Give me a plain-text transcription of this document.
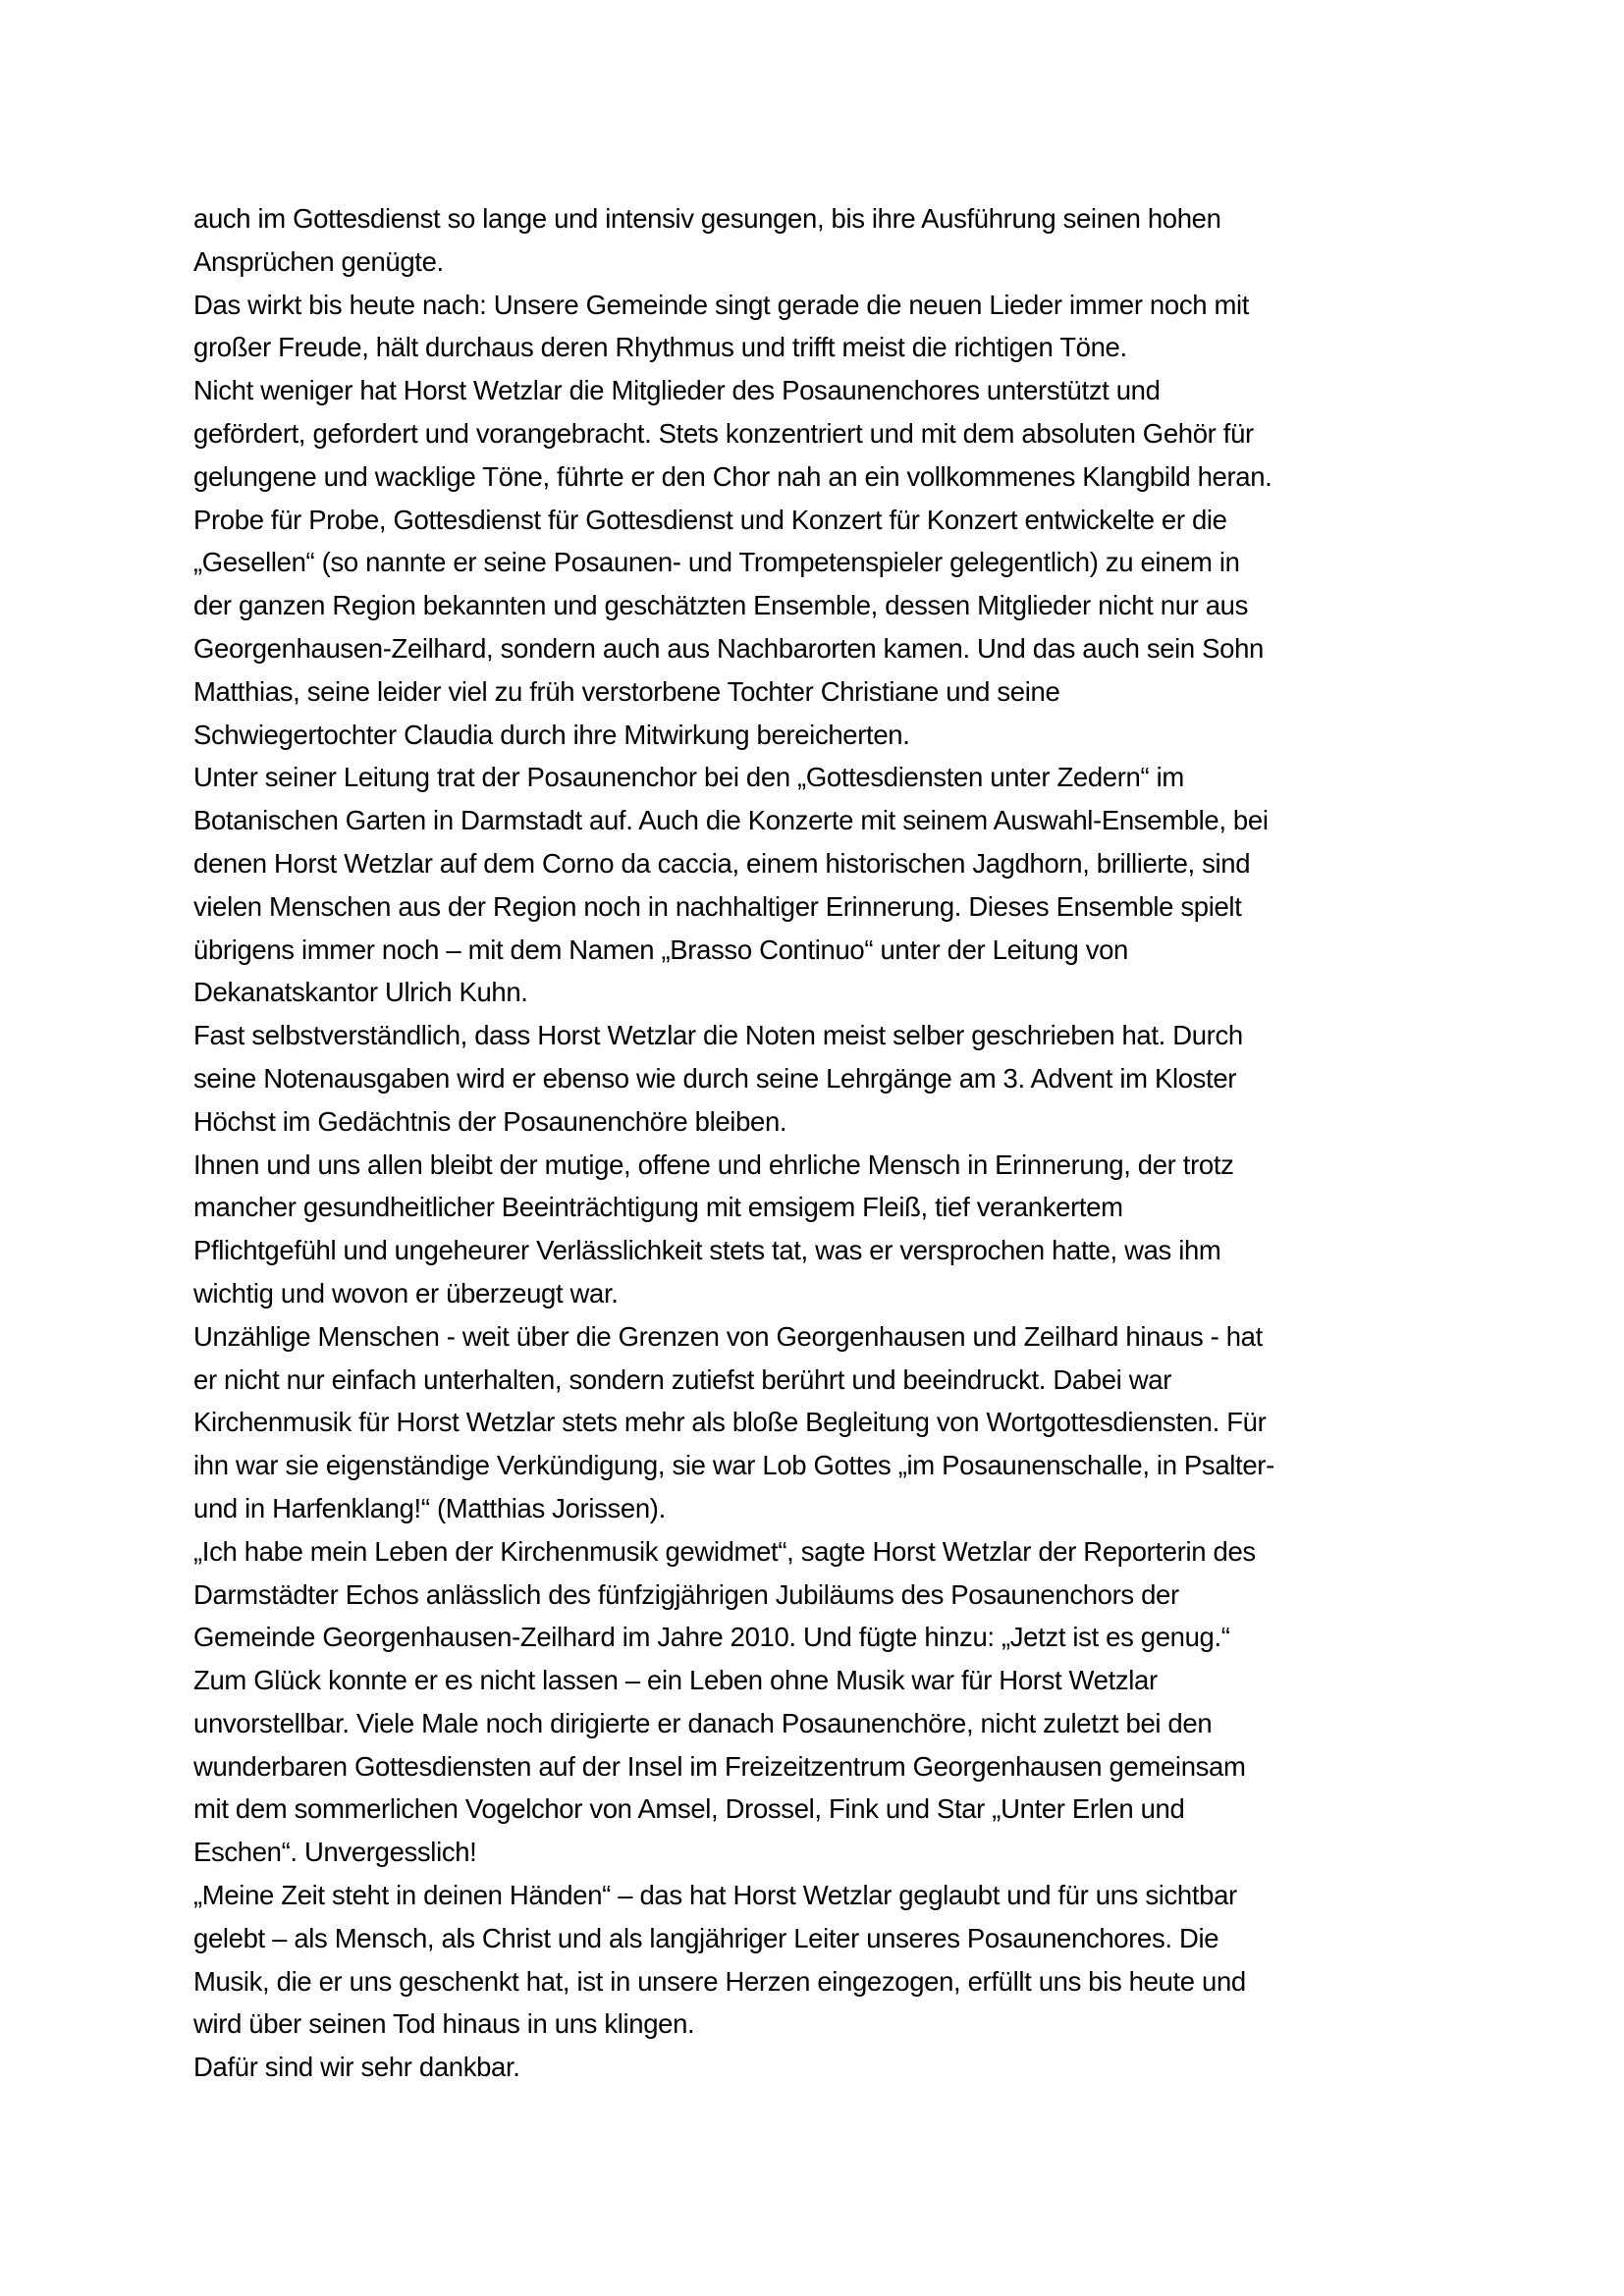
auch im Gottesdienst so lange und intensiv gesungen, bis ihre Ausführung seinen hohen
Ansprüchen genügte.
Das wirkt bis heute nach: Unsere Gemeinde singt gerade die neuen Lieder immer noch mit
großer Freude, hält durchaus deren Rhythmus und trifft meist die richtigen Töne.
Nicht weniger hat Horst Wetzlar die Mitglieder des Posaunenchores unterstützt und
gefördert, gefordert und vorangebracht. Stets konzentriert und mit dem absoluten Gehör für
gelungene und wacklige Töne, führte er den Chor nah an ein vollkommenes Klangbild heran.
Probe für Probe, Gottesdienst für Gottesdienst und Konzert für Konzert entwickelte er die
„Gesellen“ (so nannte er seine Posaunen- und Trompetenspieler gelegentlich) zu einem in
der ganzen Region bekannten und geschätzten Ensemble, dessen Mitglieder nicht nur aus
Georgenhausen-Zeilhard, sondern auch aus Nachbarorten kamen. Und das auch sein Sohn
Matthias, seine leider viel zu früh verstorbene Tochter Christiane und seine
Schwiegertochter Claudia durch ihre Mitwirkung bereicherten.
Unter seiner Leitung trat der Posaunenchor bei den „Gottesdiensten unter Zedern“ im
Botanischen Garten in Darmstadt auf. Auch die Konzerte mit seinem Auswahl-Ensemble, bei
denen Horst Wetzlar auf dem Corno da caccia, einem historischen Jagdhorn, brillierte, sind
vielen Menschen aus der Region noch in nachhaltiger Erinnerung. Dieses Ensemble spielt
übrigens immer noch – mit dem Namen „Brasso Continuo“ unter der Leitung von
Dekanatskantor Ulrich Kuhn.
Fast selbstverständlich, dass Horst Wetzlar die Noten meist selber geschrieben hat. Durch
seine Notenausgaben wird er ebenso wie durch seine Lehrgänge am 3. Advent im Kloster
Höchst im Gedächtnis der Posaunenchöre bleiben.
Ihnen und uns allen bleibt der mutige, offene und ehrliche Mensch in Erinnerung, der trotz
mancher gesundheitlicher Beeinträchtigung mit emsigem Fleiß, tief verankertem
Pflichtgefühl und ungeheurer Verlässlichkeit stets tat, was er versprochen hatte, was ihm
wichtig und wovon er überzeugt war.
Unzählige Menschen - weit über die Grenzen von Georgenhausen und Zeilhard hinaus - hat
er nicht nur einfach unterhalten, sondern zutiefst berührt und beeindruckt. Dabei war
Kirchenmusik für Horst Wetzlar stets mehr als bloße Begleitung von Wortgottesdiensten. Für
ihn war sie eigenständige Verkündigung, sie war Lob Gottes „im Posaunenschalle, in Psalter-
und in Harfenklang!“ (Matthias Jorissen).
„Ich habe mein Leben der Kirchenmusik gewidmet“, sagte Horst Wetzlar der Reporterin des
Darmstädter Echos anlässlich des fünfzigjährigen Jubiläums des Posaunenchors der
Gemeinde Georgenhausen-Zeilhard im Jahre 2010. Und fügte hinzu: „Jetzt ist es genug.“
Zum Glück konnte er es nicht lassen – ein Leben ohne Musik war für Horst Wetzlar
unvorstellbar. Viele Male noch dirigierte er danach Posaunenchöre, nicht zuletzt bei den
wunderbaren Gottesdiensten auf der Insel im Freizeitzentrum Georgenhausen gemeinsam
mit dem sommerlichen Vogelchor von Amsel, Drossel, Fink und Star „Unter Erlen und
Eschen“. Unvergesslich!
„Meine Zeit steht in deinen Händen“ – das hat Horst Wetzlar geglaubt und für uns sichtbar
gelebt – als Mensch, als Christ und als langjähriger Leiter unseres Posaunenchores. Die
Musik, die er uns geschenkt hat, ist in unsere Herzen eingezogen, erfüllt uns bis heute und
wird über seinen Tod hinaus in uns klingen.
Dafür sind wir sehr dankbar.
